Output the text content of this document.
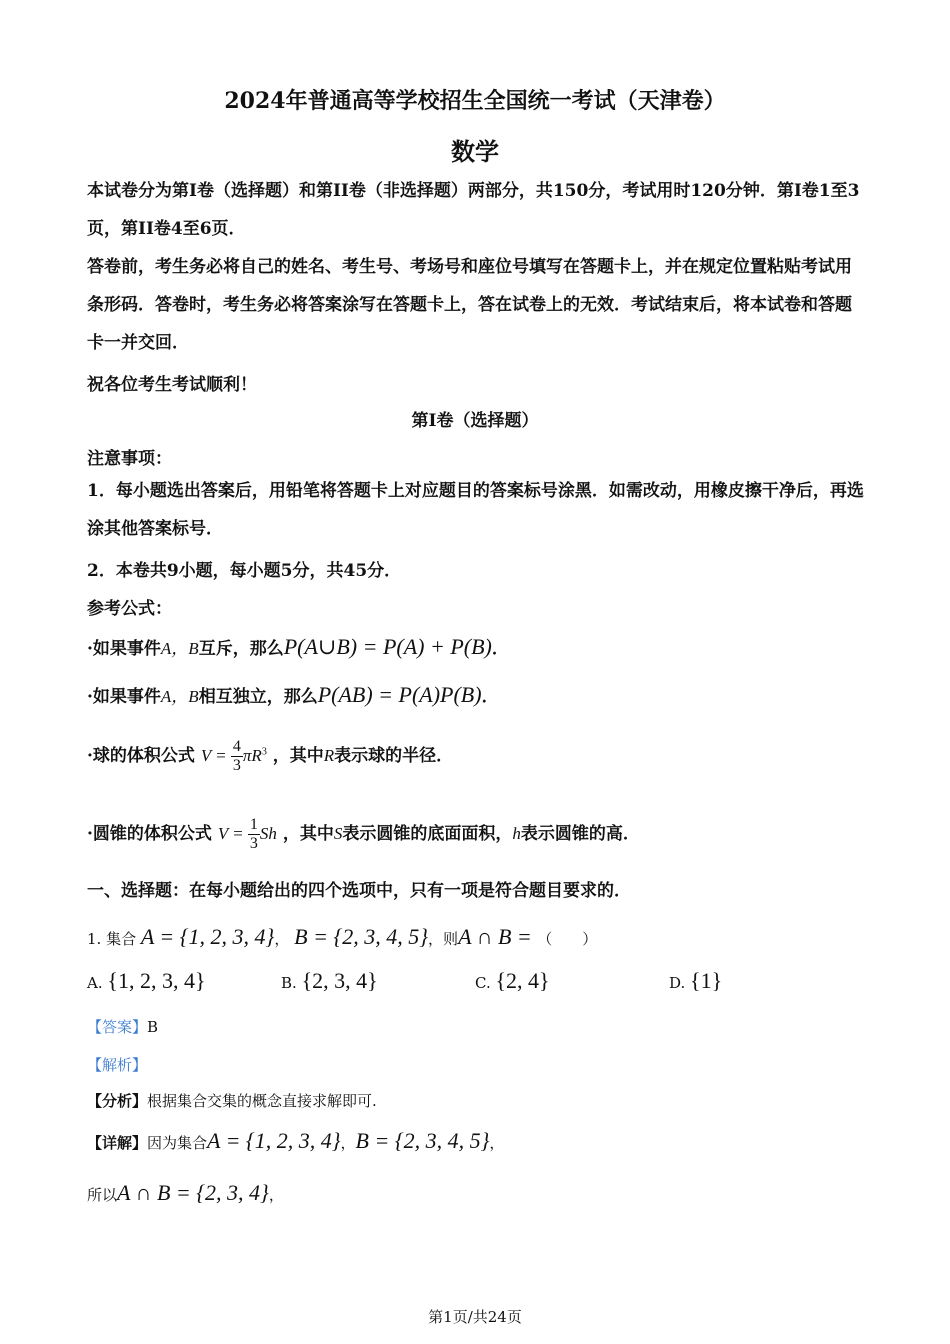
2024年普通高等学校招生全国统一考试（天津卷）
数学
本试卷分为第I卷（选择题）和第II卷（非选择题）两部分，共150分，考试用时120分钟．第I卷1至3页，第II卷4至6页．
答卷前，考生务必将自己的姓名、考生号、考场号和座位号填写在答题卡上，并在规定位置粘贴考试用条形码．答卷时，考生务必将答案涂写在答题卡上，答在试卷上的无效．考试结束后，将本试卷和答题卡一并交回．
祝各位考生考试顺利！
第I卷（选择题）
注意事项：
1．每小题选出答案后，用铅笔将答题卡上对应题目的答案标号涂黑．如需改动，用橡皮擦干净后，再选涂其他答案标号．
2．本卷共9小题，每小题5分，共45分．
参考公式：
·如果事件A，B互斥，那么P(A∪B) = P(A) + P(B)．
·如果事件A，B相互独立，那么P(AB) = P(A)P(B)．
·球的体积公式 $V = \frac{4}{3} \pi R^3$ ，其中R表示球的半径．
·圆锥的体积公式 $V = \frac{1}{3}$ Sh ，其中S表示圆锥的底面面积，h表示圆锥的高．
一、选择题：在每小题给出的四个选项中，只有一项是符合题目要求的．
1. 集合 A = {1, 2, 3, 4}， B = {2, 3, 4, 5}，则A ∩ B = （　　）
A. {1, 2, 3, 4}	B. {2, 3, 4}	C. {2, 4}	D. {1}
【答案】B
【解析】
【分析】根据集合交集的概念直接求解即可.
【详解】因为集合A = {1, 2, 3, 4}，B = {2, 3, 4, 5}，
所以A ∩ B = {2, 3, 4}，
第1页/共24页
